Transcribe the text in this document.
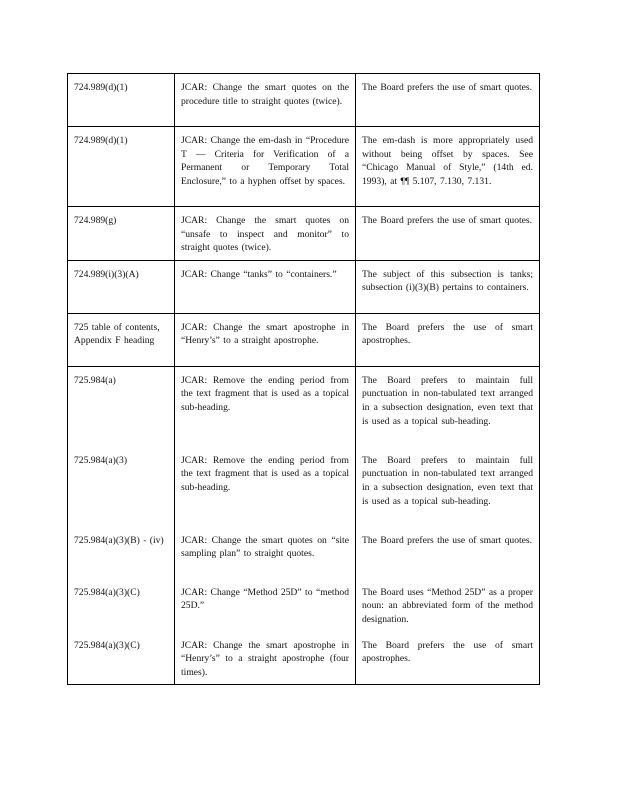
724.989(d)(1)	JCAR: Change the smart quotes on the procedure title to straight quotes (twice).	The Board prefers the use of smart quotes.
724.989(d)(1)	JCAR: Change the em-dash in “Procedure T — Criteria for Verification of a Permanent or Temporary Total Enclosure,” to a hyphen offset by spaces.	The em-dash is more appropriately used without being offset by spaces. See “Chicago Manual of Style,” (14th ed. 1993), at ¶¶ 5.107, 7.130, 7.131.
724.989(g)	JCAR: Change the smart quotes on “unsafe to inspect and monitor” to straight quotes (twice).	The Board prefers the use of smart quotes.
724.989(i)(3)(A)	JCAR: Change “tanks” to “containers.”	The subject of this subsection is tanks; subsection (i)(3)(B) pertains to containers.
725 table of contents, Appendix F heading	JCAR: Change the smart apostrophe in “Henry’s” to a straight apostrophe.	The Board prefers the use of smart apostrophes.
725.984(a)	JCAR: Remove the ending period from the text fragment that is used as a topical sub-heading.	The Board prefers to maintain full punctuation in non-tabulated text arranged in a subsection designation, even text that is used as a topical sub-heading.
725.984(a)(3)	JCAR: Remove the ending period from the text fragment that is used as a topical sub-heading.	The Board prefers to maintain full punctuation in non-tabulated text arranged in a subsection designation, even text that is used as a topical sub-heading.
725.984(a)(3)(B) - (iv)	JCAR: Change the smart quotes on “site sampling plan” to straight quotes.	The Board prefers the use of smart quotes.
725.984(a)(3)(C)	JCAR: Change “Method 25D” to “method 25D.”	The Board uses “Method 25D” as a proper noun: an abbreviated form of the method designation.
725.984(a)(3)(C)	JCAR: Change the smart apostrophe in “Henry’s” to a straight apostrophe (four times).	The Board prefers the use of smart apostrophes.
